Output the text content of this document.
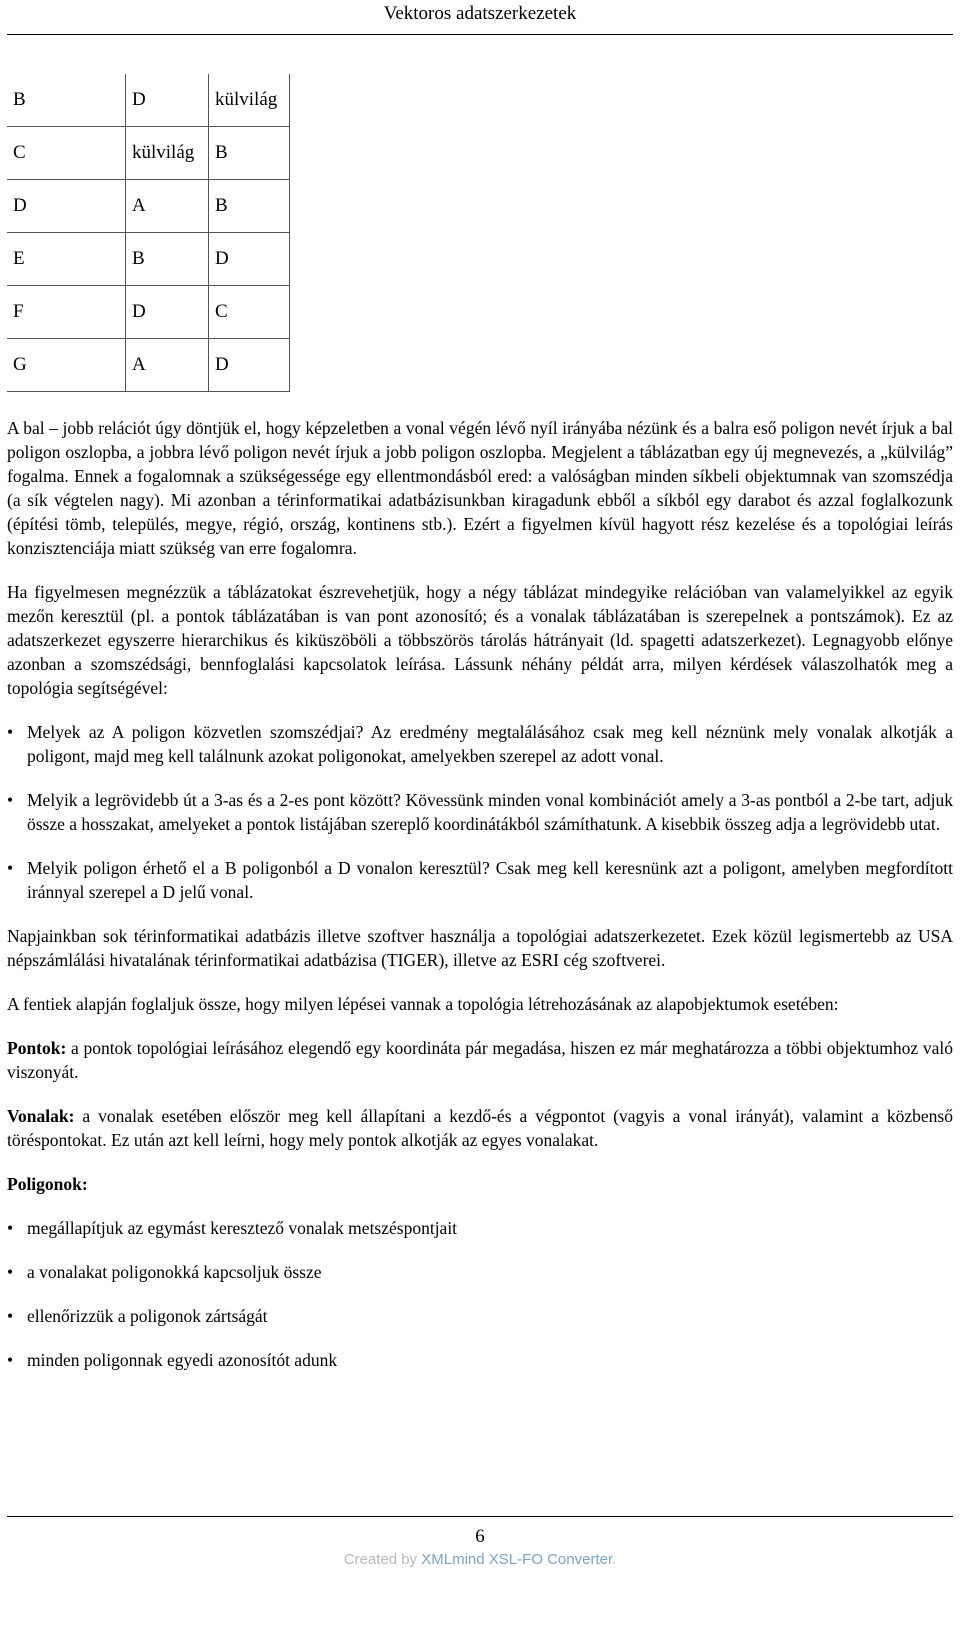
Vektoros adatszerkezetek
B	D	külvilág
C	külvilág	B
D	A	B
E	B	D
F	D	C
G	A	D

A bal – jobb relációt úgy döntjük el, hogy képzeletben a vonal végén lévő nyíl irányába nézünk és a balra eső poligon nevét írjuk a bal poligon oszlopba, a jobbra lévő poligon nevét írjuk a jobb poligon oszlopba. Megjelent a táblázatban egy új megnevezés, a „külvilág” fogalma. Ennek a fogalomnak a szükségessége egy ellentmondásból ered: a valóságban minden síkbeli objektumnak van szomszédja (a sík végtelen nagy). Mi azonban a térinformatikai adatbázisunkban kiragadunk ebből a síkból egy darabot és azzal foglalkozunk (építési tömb, település, megye, régió, ország, kontinens stb.). Ezért a figyelmen kívül hagyott rész kezelése és a topológiai leírás konzisztenciája miatt szükség van erre fogalomra.

Ha figyelmesen megnézzük a táblázatokat észrevehetjük, hogy a négy táblázat mindegyike relációban van valamelyikkel az egyik mezőn keresztül (pl. a pontok táblázatában is van pont azonosító; és a vonalak táblázatában is szerepelnek a pontszámok). Ez az adatszerkezet egyszerre hierarchikus és kiküszöböli a többszörös tárolás hátrányait (ld. spagetti adatszerkezet). Legnagyobb előnye azonban a szomszédsági, bennfoglalási kapcsolatok leírása. Lássunk néhány példát arra, milyen kérdések válaszolhatók meg a topológia segítségével:

• Melyek az A poligon közvetlen szomszédjai? Az eredmény megtalálásához csak meg kell néznünk mely vonalak alkotják a poligont, majd meg kell találnunk azokat poligonokat, amelyekben szerepel az adott vonal.
• Melyik a legrövidebb út a 3-as és a 2-es pont között? Kövessünk minden vonal kombinációt amely a 3-as pontból a 2-be tart, adjuk össze a hosszakat, amelyeket a pontok listájában szereplő koordinátákból számíthatunk. A kisebbik összeg adja a legrövidebb utat.
• Melyik poligon érhető el a B poligonból a D vonalon keresztül? Csak meg kell keresnünk azt a poligont, amelyben megfordított iránnyal szerepel a D jelű vonal.

Napjainkban sok térinformatikai adatbázis illetve szoftver használja a topológiai adatszerkezetet. Ezek közül legismertebb az USA népszámlálási hivatalának térinformatikai adatbázisa (TIGER), illetve az ESRI cég szoftverei.

A fentiek alapján foglaljuk össze, hogy milyen lépései vannak a topológia létrehozásának az alapobjektumok esetében:

Pontok: a pontok topológiai leírásához elegendő egy koordináta pár megadása, hiszen ez már meghatározza a többi objektumhoz való viszonyát.

Vonalak: a vonalak esetében először meg kell állapítani a kezdő-és a végpontot (vagyis a vonal irányát), valamint a közbenső töréspontokat. Ez után azt kell leírni, hogy mely pontok alkotják az egyes vonalakat.

Poligonok:

• megállapítjuk az egymást keresztező vonalak metszéspontjait
• a vonalakat poligonokká kapcsoljuk össze
• ellenőrizzük a poligonok zártságát
• minden poligonnak egyedi azonosítót adunk
6
Created by XMLmind XSL-FO Converter.
